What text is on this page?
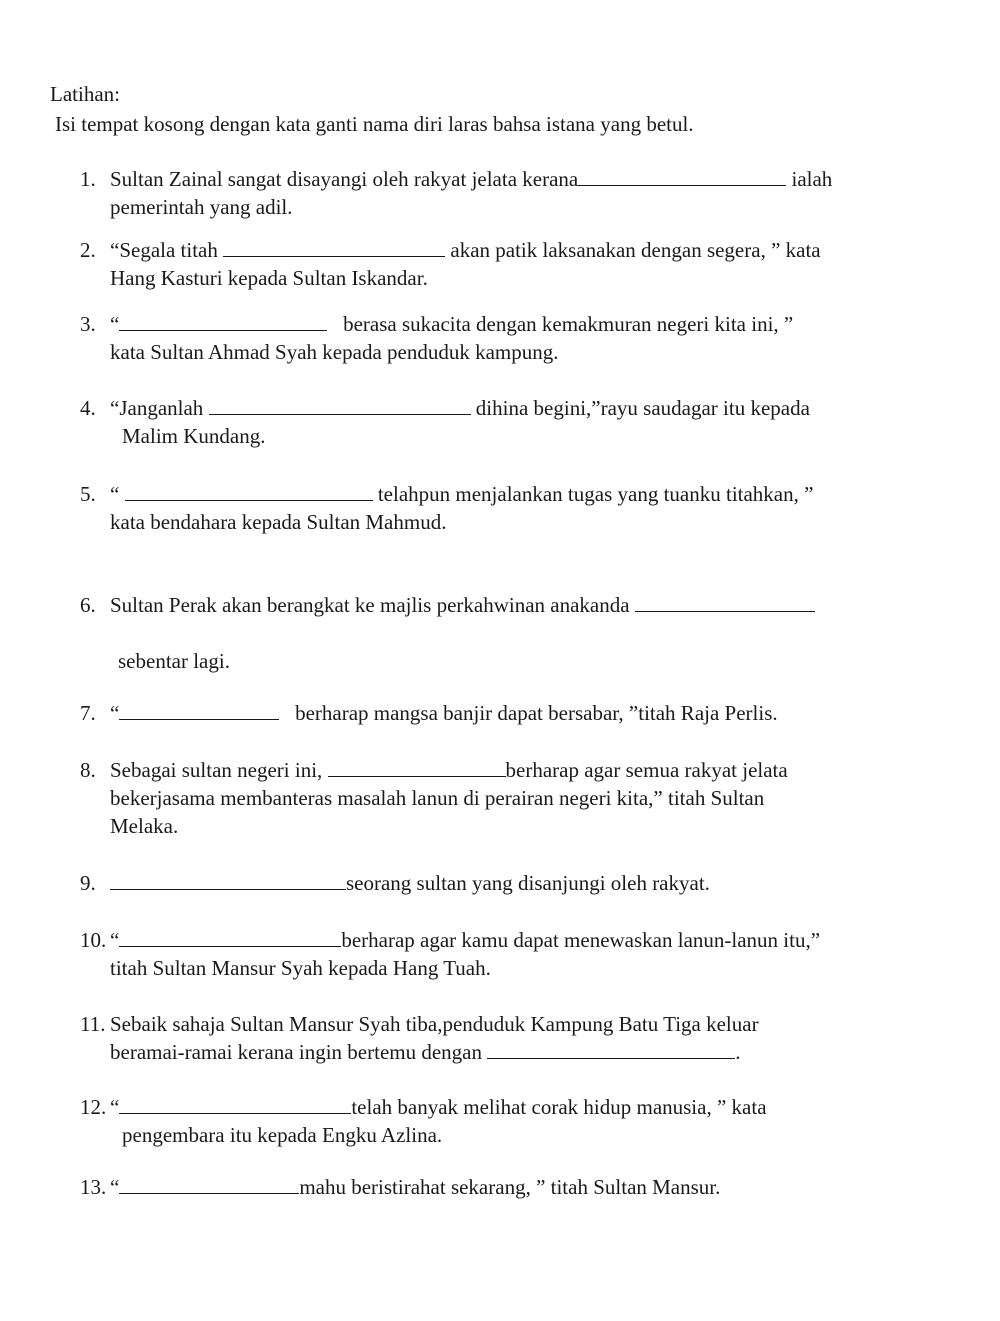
Latihan:
Isi tempat kosong dengan kata ganti nama diri laras bahsa istana yang betul.
1. Sultan Zainal sangat disayangi oleh rakyat jelata kerana	ialah
pemerintah yang adil.
2. “Segala titah	akan patik laksanakan dengan segera, ” kata
Hang Kasturi kepada Sultan Iskandar.
3. “	berasa sukacita dengan kemakmuran negeri kita ini, ”
kata Sultan Ahmad Syah kepada penduduk kampung.
4. “Janganlah	dihina begini,”rayu saudagar itu kepada
Malim Kundang.
5. “	telahpun menjalankan tugas yang tuanku titahkan, ”
kata bendahara kepada Sultan Mahmud.
6. Sultan Perak akan berangkat ke majlis perkahwinan anakanda
sebentar lagi.
7. “	berharap mangsa banjir dapat bersabar, ”titah Raja Perlis.
8. Sebagai sultan negeri ini,	berharap agar semua rakyat jelata
bekerjasama membanteras masalah lanun di perairan negeri kita,” titah Sultan
Melaka.
9.	seorang sultan yang disanjungi oleh rakyat.
10. “	berharap agar kamu dapat menewaskan lanun-lanun itu,”
titah Sultan Mansur Syah kepada Hang Tuah.
11. Sebaik sahaja Sultan Mansur Syah tiba,penduduk Kampung Batu Tiga keluar
beramai-ramai kerana ingin bertemu dengan	.
12. “	telah banyak melihat corak hidup manusia, ” kata
pengembara itu kepada Engku Azlina.
13. “	mahu beristirahat sekarang, ” titah Sultan Mansur.
